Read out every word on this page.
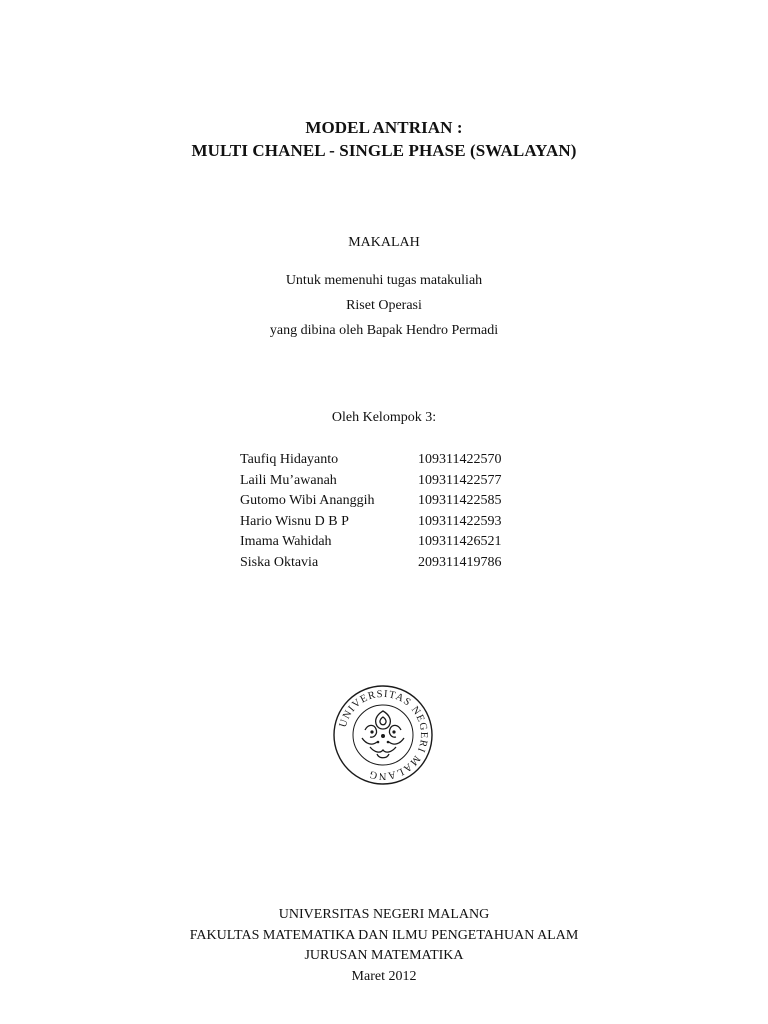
MODEL ANTRIAN :
MULTI CHANEL - SINGLE PHASE (SWALAYAN)
MAKALAH
Untuk memenuhi tugas matakuliah
Riset Operasi
yang dibina oleh Bapak Hendro Permadi
Oleh Kelompok 3:
Taufiq Hidayanto	109311422570
Laili Mu’awanah	109311422577
Gutomo Wibi Ananggih	109311422585
Hario Wisnu D B P	109311422593
Imama Wahidah	109311426521
Siska Oktavia	209311419786
UNIVERSITAS NEGERI MALANG
UNIVERSITAS NEGERI MALANG
FAKULTAS MATEMATIKA DAN ILMU PENGETAHUAN ALAM
JURUSAN MATEMATIKA
Maret 2012
